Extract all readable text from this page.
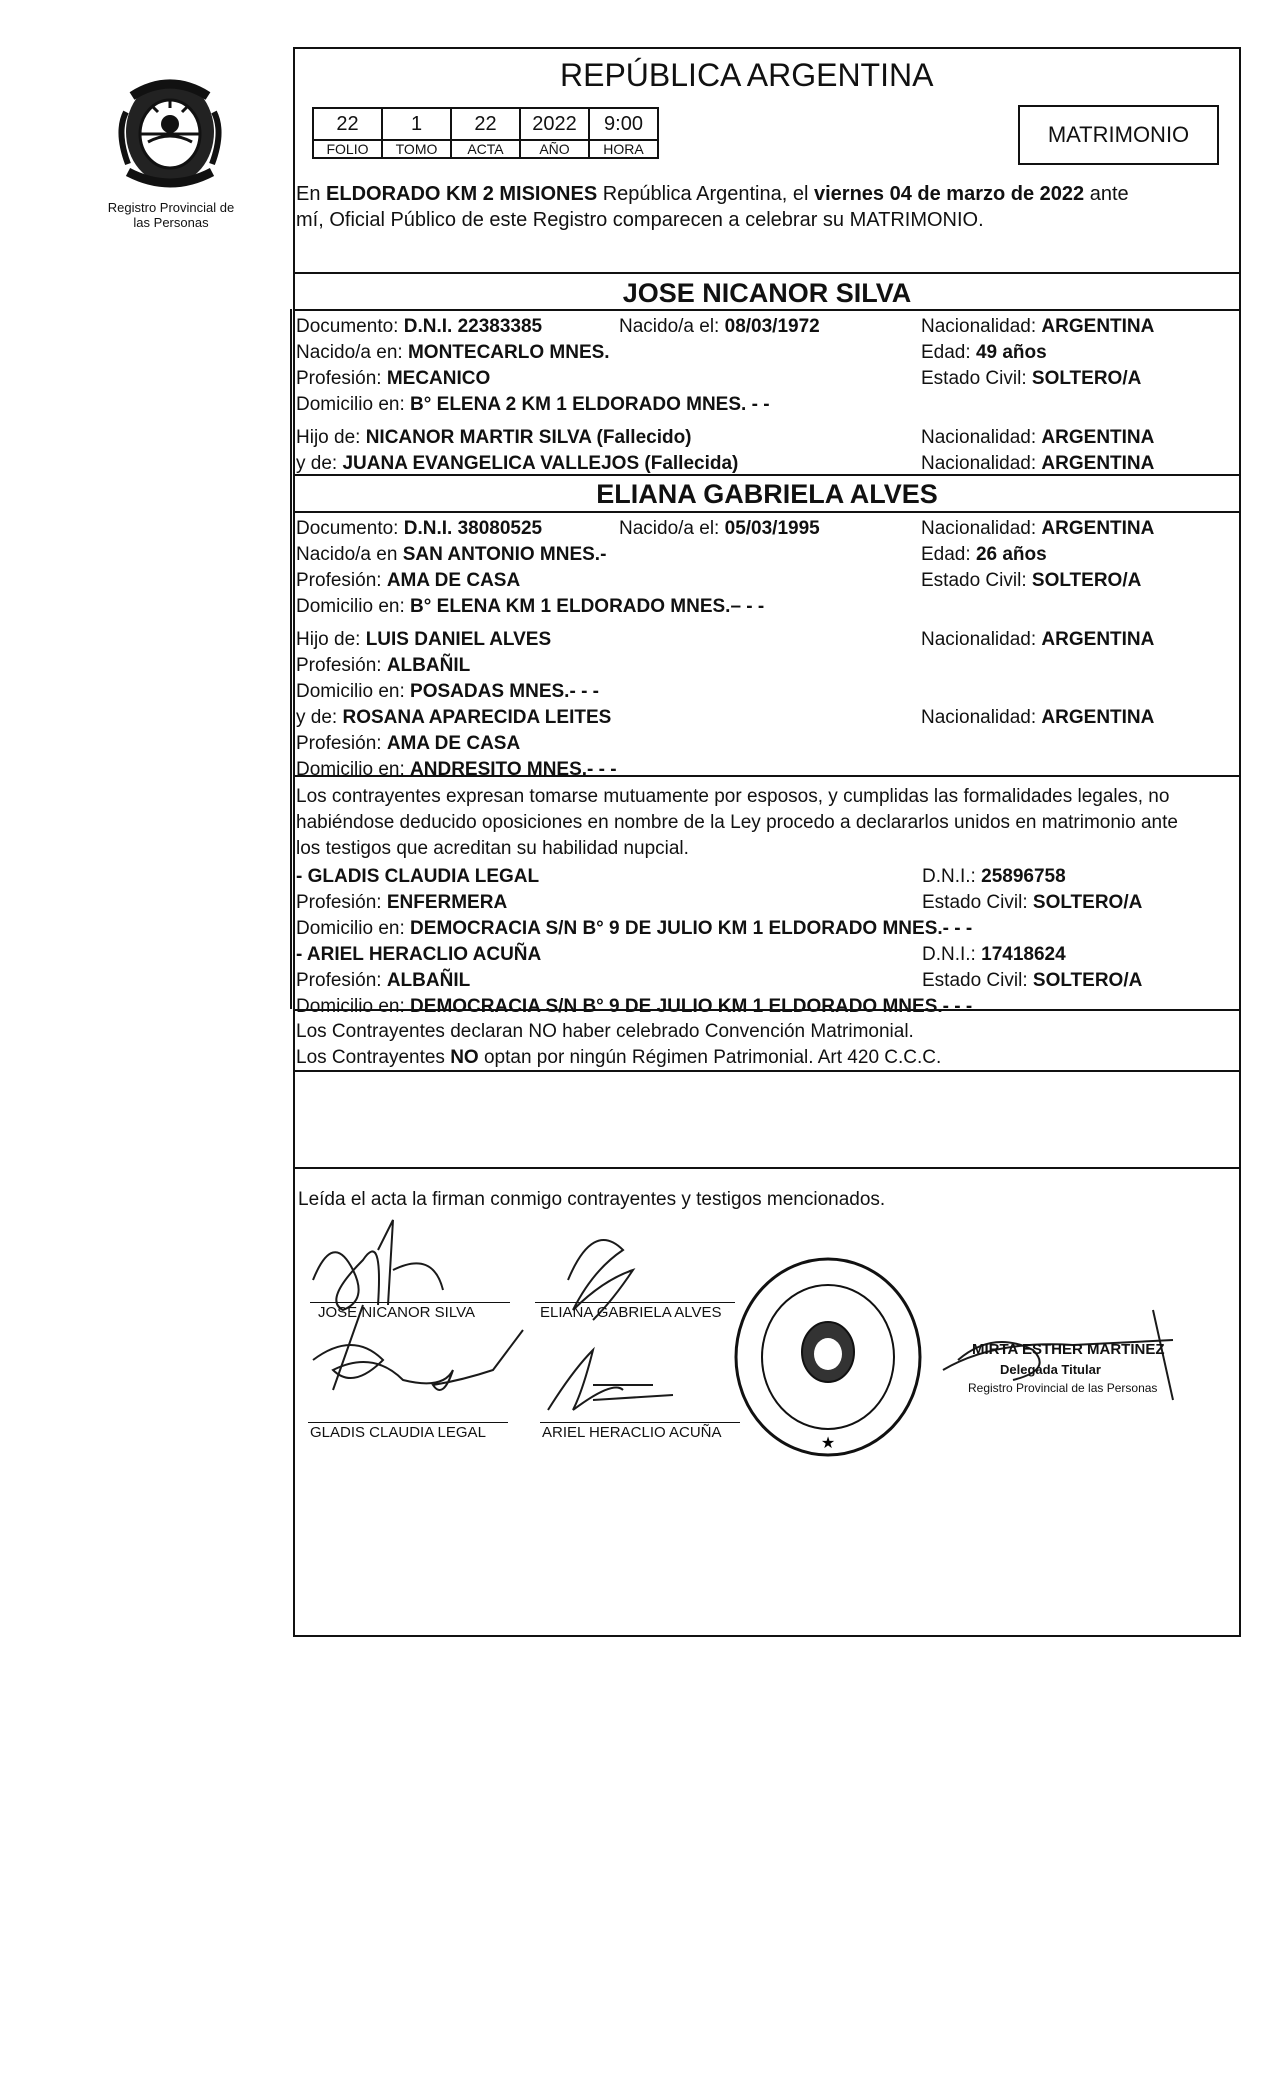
Registro Provincial de las Personas
REPÚBLICA ARGENTINA
22	1	22	2022	9:00
FOLIO	TOMO	ACTA	AÑO	HORA
MATRIMONIO
En ELDORADO KM 2 MISIONES República Argentina, el viernes 04 de marzo de 2022 ante
mí, Oficial Público de este Registro comparecen a celebrar su MATRIMONIO.
JOSE NICANOR SILVA
Documento: D.N.I. 22383385	Nacido/a el: 08/03/1972	Nacionalidad: ARGENTINA
Nacido/a en: MONTECARLO MNES.	Edad: 49 años
Profesión: MECANICO	Estado Civil: SOLTERO/A
Domicilio en: B° ELENA 2 KM 1 ELDORADO MNES. - -
Hijo de: NICANOR MARTIR SILVA (Fallecido)	Nacionalidad: ARGENTINA
y de: JUANA EVANGELICA VALLEJOS (Fallecida)	Nacionalidad: ARGENTINA
ELIANA GABRIELA ALVES
Documento: D.N.I. 38080525	Nacido/a el: 05/03/1995	Nacionalidad: ARGENTINA
Nacido/a en SAN ANTONIO MNES.-	Edad: 26 años
Profesión: AMA DE CASA	Estado Civil: SOLTERO/A
Domicilio en: B° ELENA KM 1 ELDORADO MNES.– - -
Hijo de: LUIS DANIEL ALVES	Nacionalidad: ARGENTINA
Profesión: ALBAÑIL
Domicilio en: POSADAS MNES.- - -
y de: ROSANA APARECIDA LEITES	Nacionalidad: ARGENTINA
Profesión: AMA DE CASA
Domicilio en: ANDRESITO MNES.- - -
Los contrayentes expresan tomarse mutuamente por esposos, y cumplidas las formalidades legales, no
habiéndose deducido oposiciones en nombre de la Ley procedo a declararlos unidos en matrimonio ante
los testigos que acreditan su habilidad nupcial.
- GLADIS CLAUDIA LEGAL	D.N.I.: 25896758
Profesión: ENFERMERA	Estado Civil: SOLTERO/A
Domicilio en: DEMOCRACIA S/N B° 9 DE JULIO KM 1 ELDORADO MNES.- - -
- ARIEL HERACLIO ACUÑA	D.N.I.: 17418624
Profesión: ALBAÑIL	Estado Civil: SOLTERO/A
Domicilio en: DEMOCRACIA S/N B° 9 DE JULIO KM 1 ELDORADO MNES.- - -
Los Contrayentes declaran NO haber celebrado Convención Matrimonial.
Los Contrayentes NO optan por ningún Régimen Patrimonial. Art 420 C.C.C.
Leída el acta la firman conmigo contrayentes y testigos mencionados.
JOSE NICANOR SILVA	ELIANA GABRIELA ALVES
GLADIS CLAUDIA LEGAL	ARIEL HERACLIO ACUÑA
★
MIRTA ESTHER MARTINEZ
Delegada Titular
Registro Provincial de las Personas
